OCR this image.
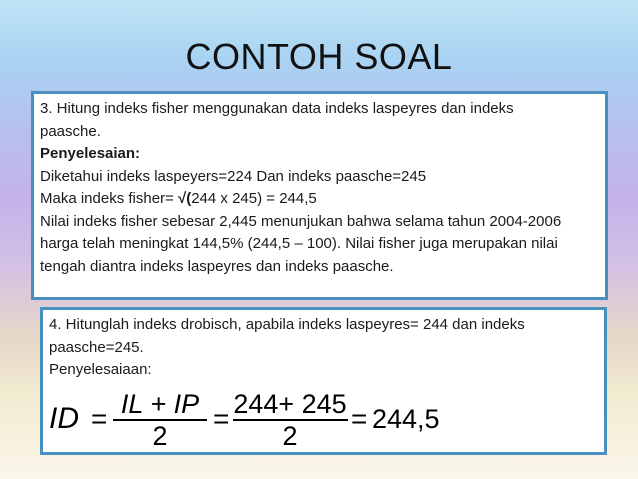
CONTOH SOAL
3. Hitung indeks fisher menggunakan data indeks laspeyres dan indeks
paasche.
Penyelesaian:
Diketahui indeks laspeyers=224 Dan indeks paasche=245
Maka indeks fisher= √(244 x 245) = 244,5
Nilai indeks fisher sebesar 2,445 menunjukan bahwa selama tahun 2004-2006
harga telah meningkat 144,5% (244,5 – 100). Nilai fisher juga merupakan nilai
tengah diantra indeks laspeyres dan indeks paasche.
4. Hitunglah indeks drobisch, apabila indeks laspeyres= 244 dan indeks
paasche=245.
Penyelesaiaan:
ID = IL + IP
2
= 244+ 245
2
= 244,5
